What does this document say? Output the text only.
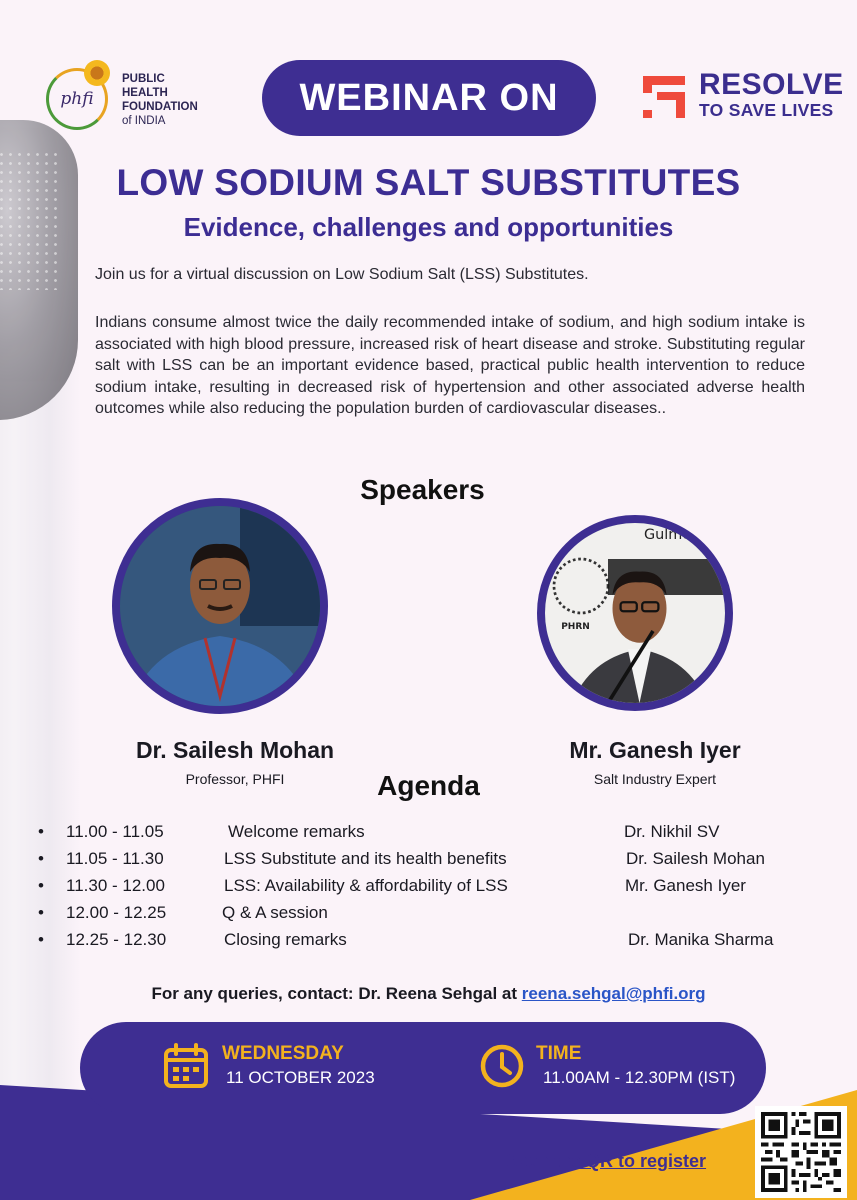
phfi
PUBLIC
HEALTH
FOUNDATION
of INDIA
WEBINAR ON	RESOLVE
TO SAVE LIVES
LOW SODIUM SALT SUBSTITUTES
Evidence, challenges and opportunities
Join us for a virtual discussion on Low Sodium Salt (LSS) Substitutes.
Indians consume almost twice the daily recommended intake of sodium, and high sodium intake is associated with high blood pressure, increased risk of heart disease and stroke. Substituting regular salt with LSS can be an important evidence based, practical public health intervention to reduce sodium intake, resulting in decreased risk of hypertension and other associated adverse health outcomes while also reducing the population burden of cardiovascular diseases..
Speakers
Gulme
PHRN
Dr. Sailesh Mohan
Professor, PHFI
Mr. Ganesh Iyer
Salt Industry Expert
Agenda
• 11.00 - 11.05	Welcome remarks	Dr. Nikhil SV
• 11.05 - 11.30	LSS Substitute and its health benefits	Dr. Sailesh Mohan
• 11.30 - 12.00	LSS: Availability & affordability of LSS	Mr. Ganesh Iyer
• 12.00 - 12.25	Q & A session
• 12.25 - 12.30	Closing remarks	Dr. Manika Sharma
For any queries, contact: Dr. Reena Sehgal at reena.sehgal@phfi.org
WEDNESDAY
11 OCTOBER 2023
TIME
11.00AM - 12.30PM (IST)
Scan the QR to register
